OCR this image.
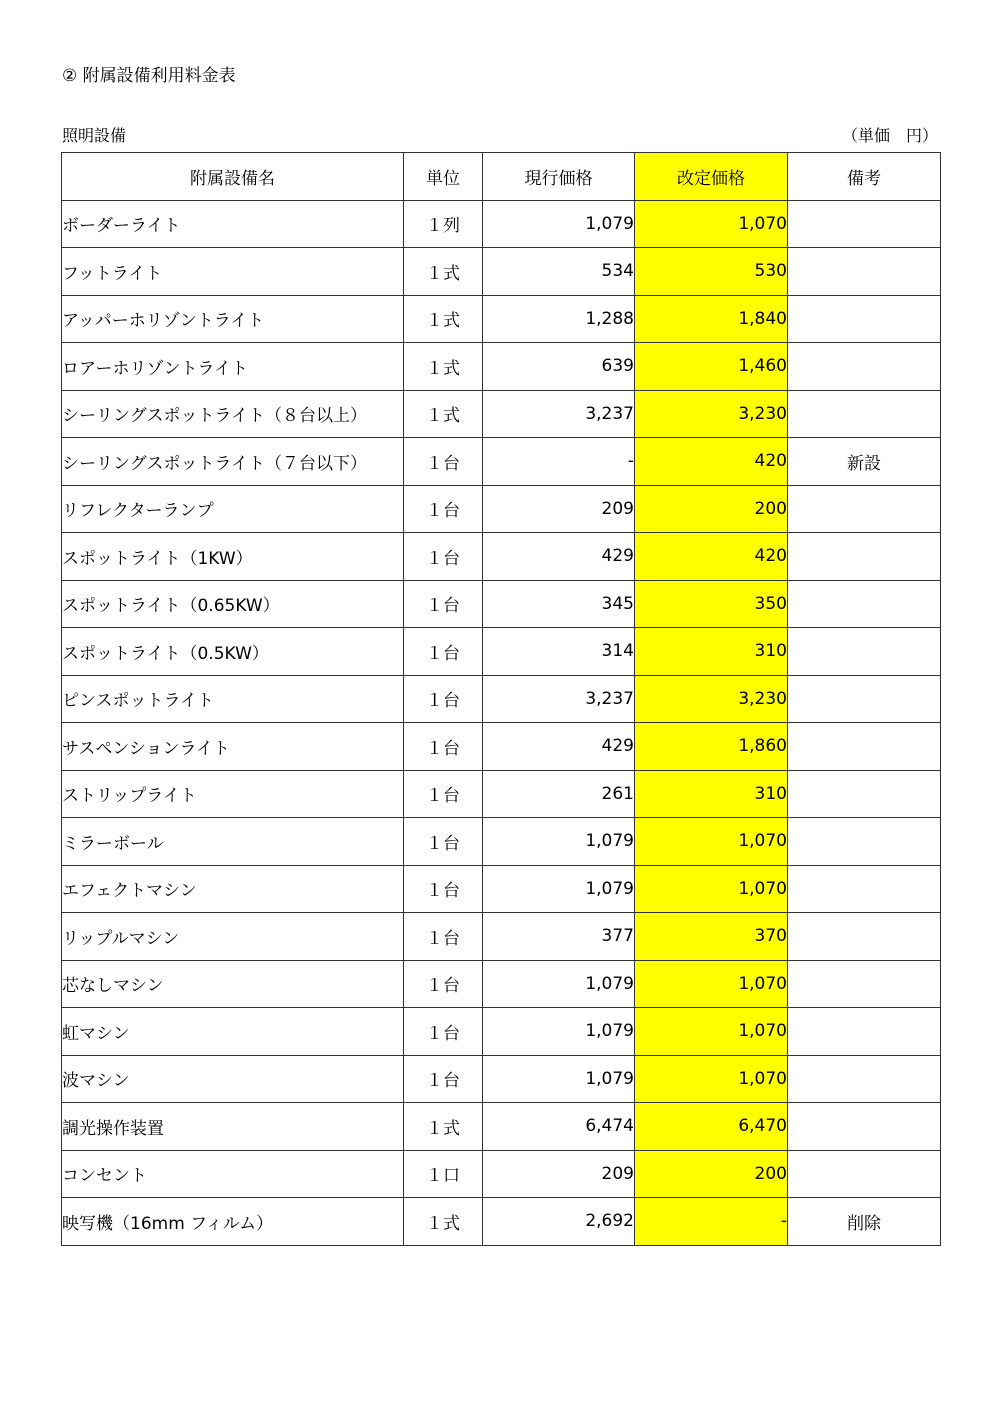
② 附属設備利用料金表
照明設備	（単価　円）
附属設備名	単位	現行価格	改定価格	備考
ボーダーライト	１列	1,079	1,070	
フットライト	１式	534	530	
アッパーホリゾントライト	１式	1,288	1,840	
ロアーホリゾントライト	１式	639	1,460	
シーリングスポットライト（８台以上）	１式	3,237	3,230	
シーリングスポットライト（７台以下）	１台	-	420	新設
リフレクターランプ	１台	209	200	
スポットライト（1KW）	１台	429	420	
スポットライト（0.65KW）	１台	345	350	
スポットライト（0.5KW）	１台	314	310	
ピンスポットライト	１台	3,237	3,230	
サスペンションライト	１台	429	1,860	
ストリップライト	１台	261	310	
ミラーボール	１台	1,079	1,070	
エフェクトマシン	１台	1,079	1,070	
リップルマシン	１台	377	370	
芯なしマシン	１台	1,079	1,070	
虹マシン	１台	1,079	1,070	
波マシン	１台	1,079	1,070	
調光操作装置	１式	6,474	6,470	
コンセント	１口	209	200	
映写機（16mm フィルム）	１式	2,692	-	削除
